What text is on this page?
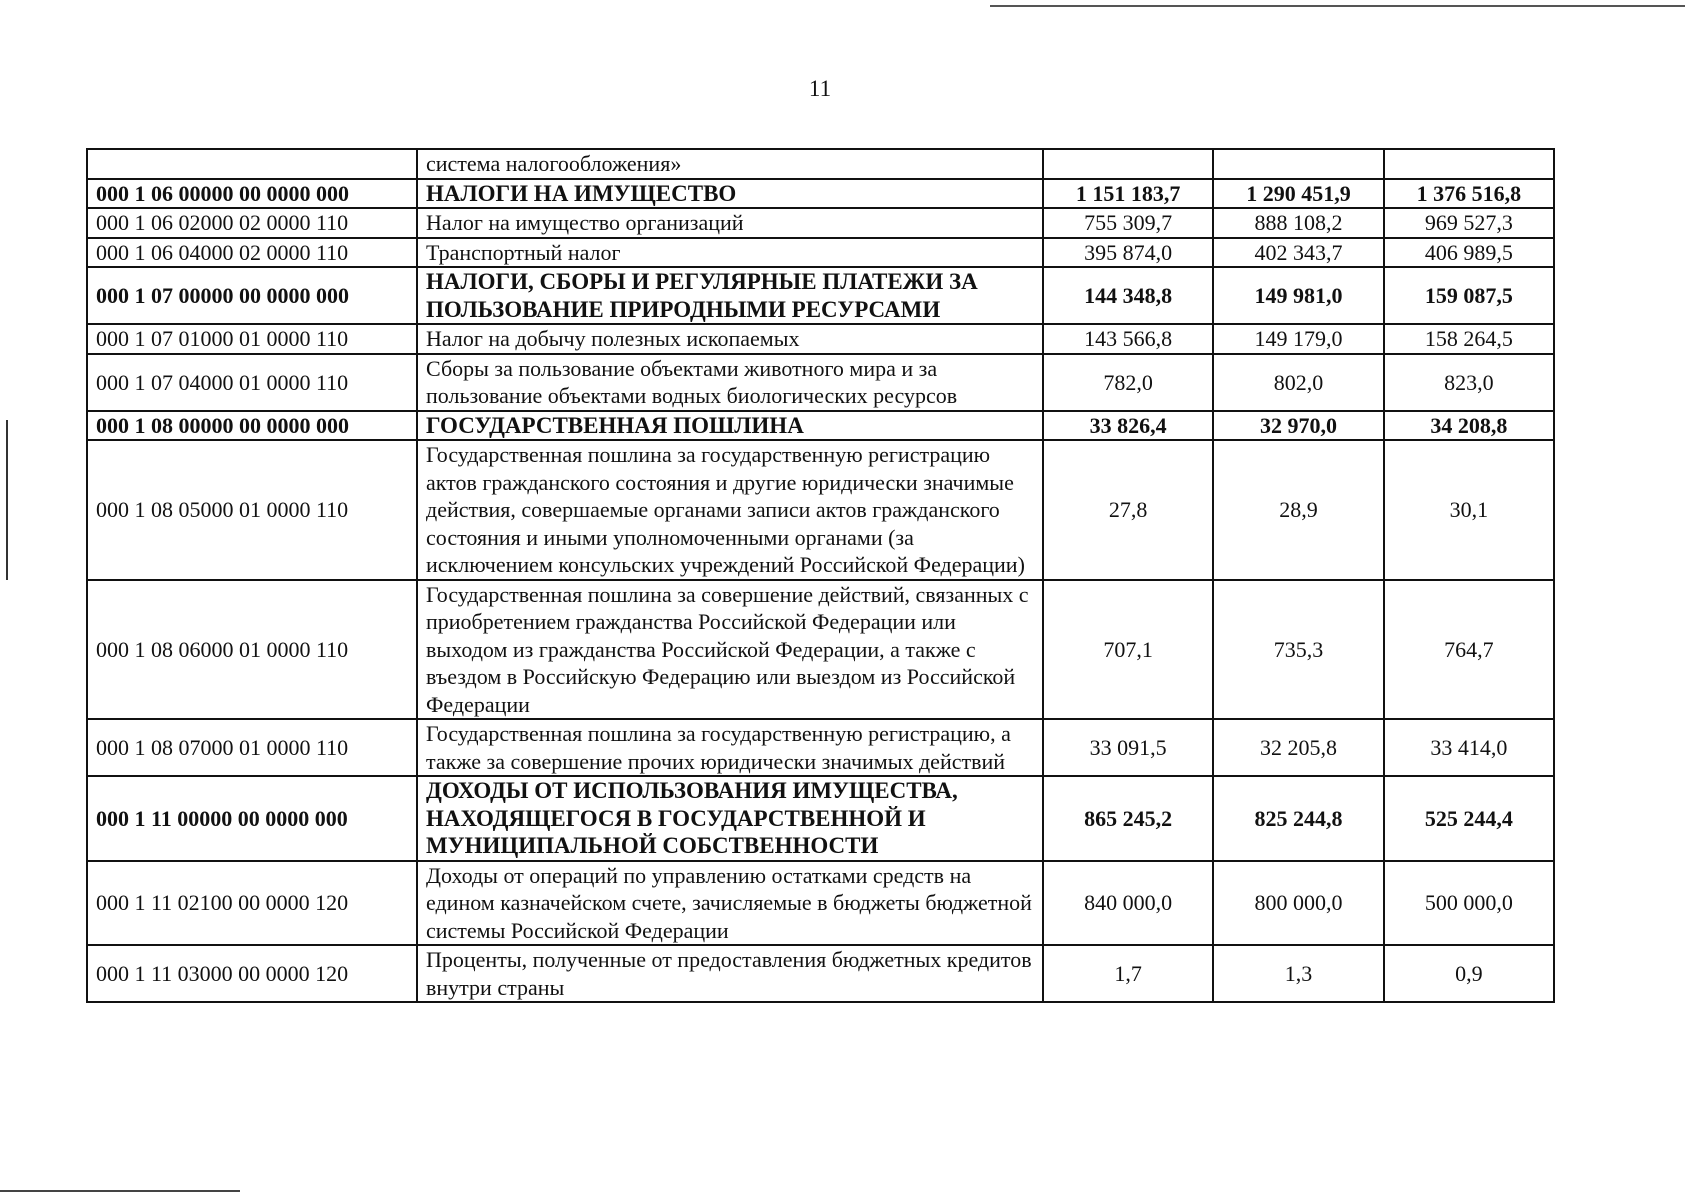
11
	система налогообложения»			
000 1 06 00000 00 0000 000	НАЛОГИ НА ИМУЩЕСТВО	1 151 183,7	1 290 451,9	1 376 516,8
000 1 06 02000 02 0000 110	Налог на имущество организаций	755 309,7	888 108,2	969 527,3
000 1 06 04000 02 0000 110	Транспортный налог	395 874,0	402 343,7	406 989,5
000 1 07 00000 00 0000 000	НАЛОГИ, СБОРЫ И РЕГУЛЯРНЫЕ ПЛАТЕЖИ ЗА ПОЛЬЗОВАНИЕ ПРИРОДНЫМИ РЕСУРСАМИ	144 348,8	149 981,0	159 087,5
000 1 07 01000 01 0000 110	Налог на добычу полезных ископаемых	143 566,8	149 179,0	158 264,5
000 1 07 04000 01 0000 110	Сборы за пользование объектами животного мира и за пользование объектами водных биологических ресурсов	782,0	802,0	823,0
000 1 08 00000 00 0000 000	ГОСУДАРСТВЕННАЯ ПОШЛИНА	33 826,4	32 970,0	34 208,8
000 1 08 05000 01 0000 110	Государственная пошлина за государственную регистрацию актов гражданского состояния и другие юридически значимые действия, совершаемые органами записи актов гражданского состояния и иными уполномоченными органами (за исключением консульских учреждений Российской Федерации)	27,8	28,9	30,1
000 1 08 06000 01 0000 110	Государственная пошлина за совершение действий, связанных с приобретением гражданства Российской Федерации или выходом из гражданства Российской Федерации, а также с въездом в Российскую Федерацию или выездом из Российской Федерации	707,1	735,3	764,7
000 1 08 07000 01 0000 110	Государственная пошлина за государственную регистрацию, а также за совершение прочих юридически значимых действий	33 091,5	32 205,8	33 414,0
000 1 11 00000 00 0000 000	ДОХОДЫ ОТ ИСПОЛЬЗОВАНИЯ ИМУЩЕСТВА, НАХОДЯЩЕГОСЯ В ГОСУДАРСТВЕННОЙ И МУНИЦИПАЛЬНОЙ СОБСТВЕННОСТИ	865 245,2	825 244,8	525 244,4
000 1 11 02100 00 0000 120	Доходы от операций по управлению остатками средств на едином казначейском счете, зачисляемые в бюджеты бюджетной системы Российской Федерации	840 000,0	800 000,0	500 000,0
000 1 11 03000 00 0000 120	Проценты, полученные от предоставления бюджетных кредитов внутри страны	1,7	1,3	0,9
